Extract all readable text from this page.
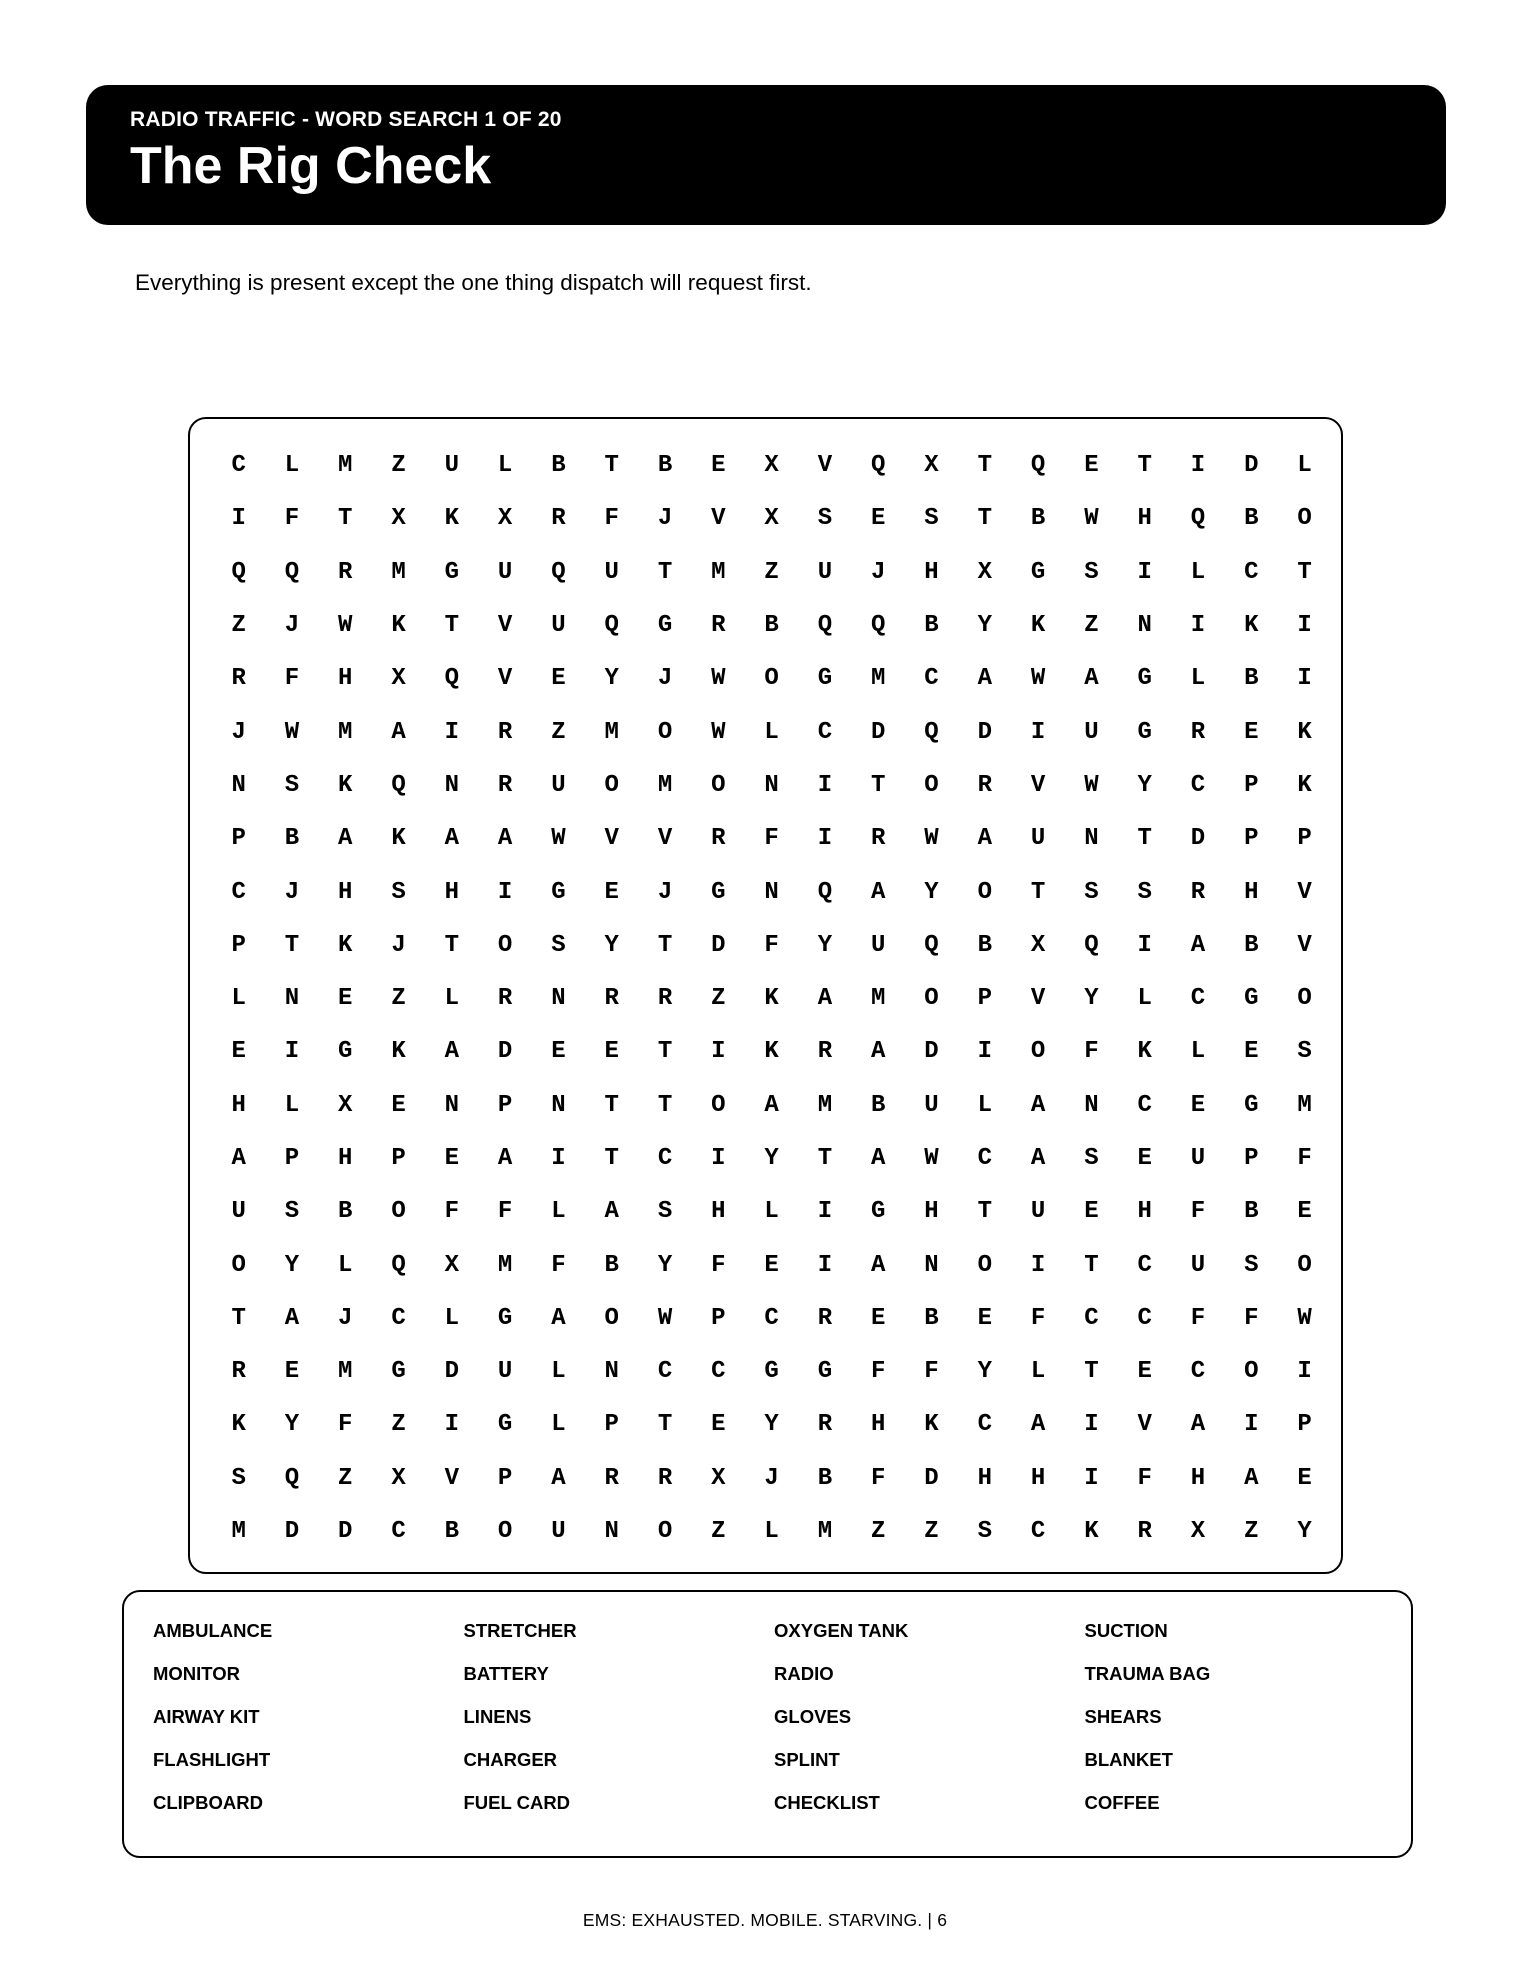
RADIO TRAFFIC - WORD SEARCH 1 OF 20
The Rig Check
Everything is present except the one thing dispatch will request first.
C	L	M	Z	U	L	B	T	B	E	X	V	Q	X	T	Q	E	T	I	D	L
I	F	T	X	K	X	R	F	J	V	X	S	E	S	T	B	W	H	Q	B	O
Q	Q	R	M	G	U	Q	U	T	M	Z	U	J	H	X	G	S	I	L	C	T
Z	J	W	K	T	V	U	Q	G	R	B	Q	Q	B	Y	K	Z	N	I	K	I
R	F	H	X	Q	V	E	Y	J	W	O	G	M	C	A	W	A	G	L	B	I
J	W	M	A	I	R	Z	M	O	W	L	C	D	Q	D	I	U	G	R	E	K
N	S	K	Q	N	R	U	O	M	O	N	I	T	O	R	V	W	Y	C	P	K
P	B	A	K	A	A	W	V	V	R	F	I	R	W	A	U	N	T	D	P	P
C	J	H	S	H	I	G	E	J	G	N	Q	A	Y	O	T	S	S	R	H	V
P	T	K	J	T	O	S	Y	T	D	F	Y	U	Q	B	X	Q	I	A	B	V
L	N	E	Z	L	R	N	R	R	Z	K	A	M	O	P	V	Y	L	C	G	O
E	I	G	K	A	D	E	E	T	I	K	R	A	D	I	O	F	K	L	E	S
H	L	X	E	N	P	N	T	T	O	A	M	B	U	L	A	N	C	E	G	M
A	P	H	P	E	A	I	T	C	I	Y	T	A	W	C	A	S	E	U	P	F
U	S	B	O	F	F	L	A	S	H	L	I	G	H	T	U	E	H	F	B	E
O	Y	L	Q	X	M	F	B	Y	F	E	I	A	N	O	I	T	C	U	S	O
T	A	J	C	L	G	A	O	W	P	C	R	E	B	E	F	C	C	F	F	W
R	E	M	G	D	U	L	N	C	C	G	G	F	F	Y	L	T	E	C	O	I
K	Y	F	Z	I	G	L	P	T	E	Y	R	H	K	C	A	I	V	A	I	P
S	Q	Z	X	V	P	A	R	R	X	J	B	F	D	H	H	I	F	H	A	E
M	D	D	C	B	O	U	N	O	Z	L	M	Z	Z	S	C	K	R	X	Z	Y
AMBULANCE	STRETCHER	OXYGEN TANK	SUCTION
MONITOR	BATTERY	RADIO	TRAUMA BAG
AIRWAY KIT	LINENS	GLOVES	SHEARS
FLASHLIGHT	CHARGER	SPLINT	BLANKET
CLIPBOARD	FUEL CARD	CHECKLIST	COFFEE
EMS: EXHAUSTED. MOBILE. STARVING. | 6
